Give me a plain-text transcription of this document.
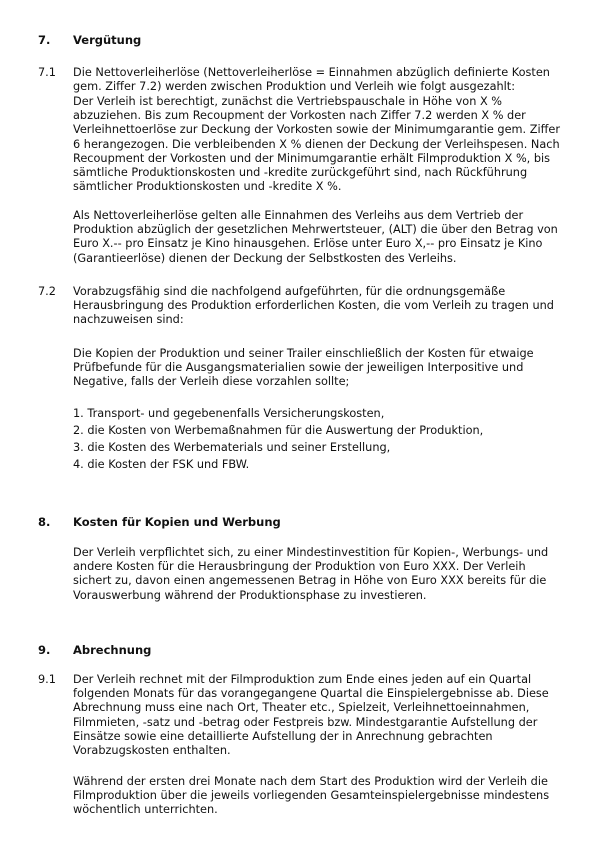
7. Vergütung
7.1 Die Nettoverleiherlöse (Nettoverleiherlöse = Einnahmen abzüglich definierte Kosten gem. Ziffer 7.2) werden zwischen Produktion und Verleih wie folgt ausgezahlt:

Der Verleih ist berechtigt, zunächst die Vertriebspauschale in Höhe von X % abzuziehen. Bis zum Recoupment der Vorkosten nach Ziffer 7.2 werden X % der Verleihnettoerlöse zur Deckung der Vorkosten sowie der Minimumgarantie gem. Ziffer 6 herangezogen. Die verbleibenden X % dienen der Deckung der Verleihspesen. Nach Recoupment der Vorkosten und der Minimumgarantie erhält Filmproduktion X %, bis sämtliche Produktionskosten und -kredite zurückgeführt sind, nach Rückführung sämtlicher Produktionskosten und -kredite X %.

Als Nettoverleiherlöse gelten alle Einnahmen des Verleihs aus dem Vertrieb der Produktion abzüglich der gesetzlichen Mehrwertsteuer, (ALT) die über den Betrag von Euro X.-- pro Einsatz je Kino hinausgehen. Erlöse unter Euro X,-- pro Einsatz je Kino (Garantieerlöse) dienen der Deckung der Selbstkosten des Verleihs.

7.2 Vorabzugsfähig sind die nachfolgend aufgeführten, für die ordnungsgemäße Herausbringung des Produktion erforderlichen Kosten, die vom Verleih zu tragen und nachzuweisen sind:

Die Kopien der Produktion und seiner Trailer einschließlich der Kosten für etwaige Prüfbefunde für die Ausgangsmaterialien sowie der jeweiligen Interpositive und Negative, falls der Verleih diese vorzahlen sollte;

1. Transport- und gegebenenfalls Versicherungskosten,
2. die Kosten von Werbemaßnahmen für die Auswertung der Produktion,
3. die Kosten des Werbematerials und seiner Erstellung,
4. die Kosten der FSK und FBW.
8. Kosten für Kopien und Werbung

Der Verleih verpflichtet sich, zu einer Mindestinvestition für Kopien-, Werbungs- und andere Kosten für die Herausbringung der Produktion von Euro XXX. Der Verleih sichert zu, davon einen angemessenen Betrag in Höhe von Euro XXX bereits für die Vorauswerbung während der Produktionsphase zu investieren.

9. Abrechnung
9.1 Der Verleih rechnet mit der Filmproduktion zum Ende eines jeden auf ein Quartal folgenden Monats für das vorangegangene Quartal die Einspielergebnisse ab. Diese Abrechnung muss eine nach Ort, Theater etc., Spielzeit, Verleihnettoeinnahmen, Filmmieten, -satz und -betrag oder Festpreis bzw. Mindestgarantie Aufstellung der Einsätze sowie eine detaillierte Aufstellung der in Anrechnung gebrachten Vorabzugskosten enthalten.

Während der ersten drei Monate nach dem Start des Produktion wird der Verleih die Filmproduktion über die jeweils vorliegenden Gesamteinspielergebnisse mindestens wöchentlich unterrichten.
